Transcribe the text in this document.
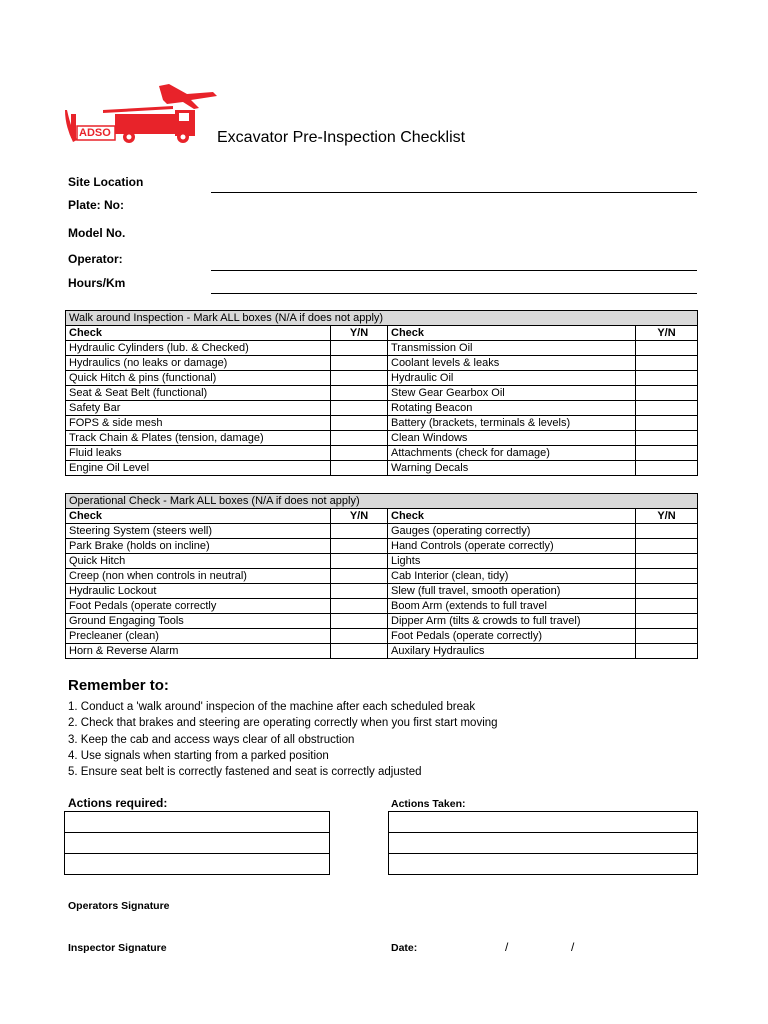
ADSO	Excavator Pre-Inspection Checklist
Site Location
Plate: No:
Model No.
Operator:
Hours/Km
Walk around Inspection - Mark ALL boxes (N/A if does not apply)			
Check	Y/N	Check	Y/N
Hydraulic Cylinders (lub. & Checked)		Transmission Oil	
Hydraulics (no leaks or damage)		Coolant levels & leaks	
Quick Hitch & pins (functional)		Hydraulic Oil	
Seat & Seat Belt (functional)		Stew Gear Gearbox Oil	
Safety Bar		Rotating Beacon	
FOPS & side mesh		Battery (brackets, terminals & levels)	
Track Chain & Plates (tension, damage)		Clean Windows	
Fluid leaks		Attachments (check for damage)	
Engine Oil Level		Warning Decals	
Operational Check - Mark ALL boxes (N/A if does not apply)			
Check	Y/N	Check	Y/N
Steering System (steers well)		Gauges (operating correctly)	
Park Brake (holds on incline)		Hand Controls (operate correctly)	
Quick Hitch		Lights	
Creep (non when controls in neutral)		Cab Interior (clean, tidy)	
Hydraulic Lockout		Slew (full travel, smooth operation)	
Foot Pedals (operate correctly		Boom Arm (extends to full travel	
Ground Engaging Tools		Dipper Arm (tilts & crowds to full travel)	
Precleaner (clean)		Foot Pedals (operate correctly)	
Horn & Reverse Alarm		Auxilary Hydraulics	
Remember to:
1. Conduct a 'walk around' inspecion of the machine after each scheduled break
2. Check that brakes and steering are operating correctly when you first start moving
3. Keep the cab and access ways clear of all obstruction
4. Use signals when starting from a parked position
5. Ensure seat belt is correctly fastened and seat is correctly adjusted
Actions required:	Actions Taken:
Operators Signature
Inspector Signature	Date:	/	/
